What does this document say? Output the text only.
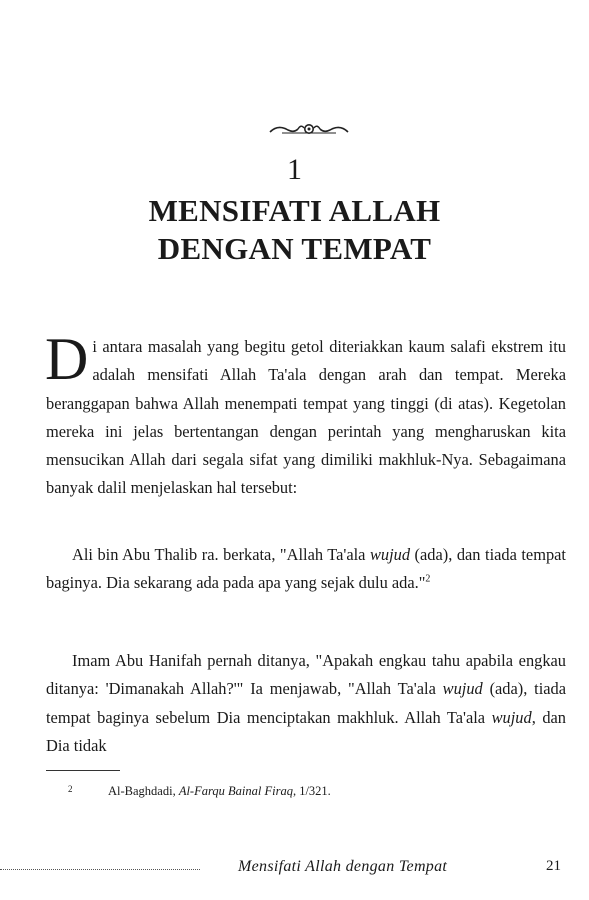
1
MENSIFATI ALLAH
DENGAN TEMPAT
Di antara masalah yang begitu getol diteriakkan kaum salafi ekstrem itu adalah mensifati Allah Ta'ala dengan arah dan tempat. Mereka beranggapan bahwa Allah menempati tempat yang tinggi (di atas). Kegetolan mereka ini jelas bertentangan dengan perintah yang mengharuskan kita mensucikan Allah dari segala sifat yang dimiliki makhluk-Nya. Sebagaimana banyak dalil menjelaskan hal tersebut:
Ali bin Abu Thalib ra. berkata, "Allah Ta'ala wujud (ada), dan tiada tempat baginya. Dia sekarang ada pada apa yang sejak dulu ada."$^2$
Imam Abu Hanifah pernah ditanya, "Apakah engkau tahu apabila engkau ditanya: 'Dimanakah Allah?'" Ia menjawab, "Allah Ta'ala wujud (ada), tiada tempat baginya sebelum Dia menciptakan makhluk. Allah Ta'ala wujud, dan Dia tidak
2	Al-Baghdadi, Al-Farqu Bainal Firaq, 1/321.
Mensifati Allah dengan Tempat	21
